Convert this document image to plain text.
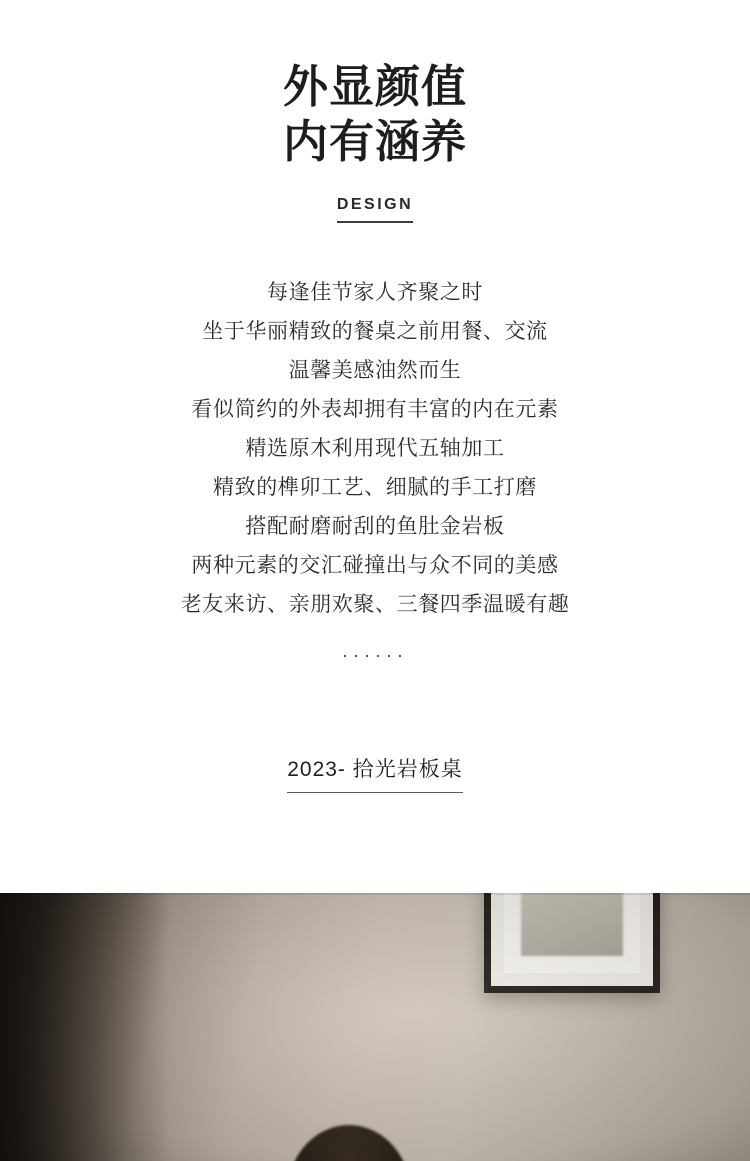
外显颜值
内有涵养
DESIGN
每逢佳节家人齐聚之时
坐于华丽精致的餐桌之前用餐、交流
温馨美感油然而生
看似简约的外表却拥有丰富的内在元素
精选原木利用现代五轴加工
精致的榫卯工艺、细腻的手工打磨
搭配耐磨耐刮的鱼肚金岩板
两种元素的交汇碰撞出与众不同的美感
老友来访、亲朋欢聚、三餐四季温暖有趣
······
2023- 拾光岩板桌
